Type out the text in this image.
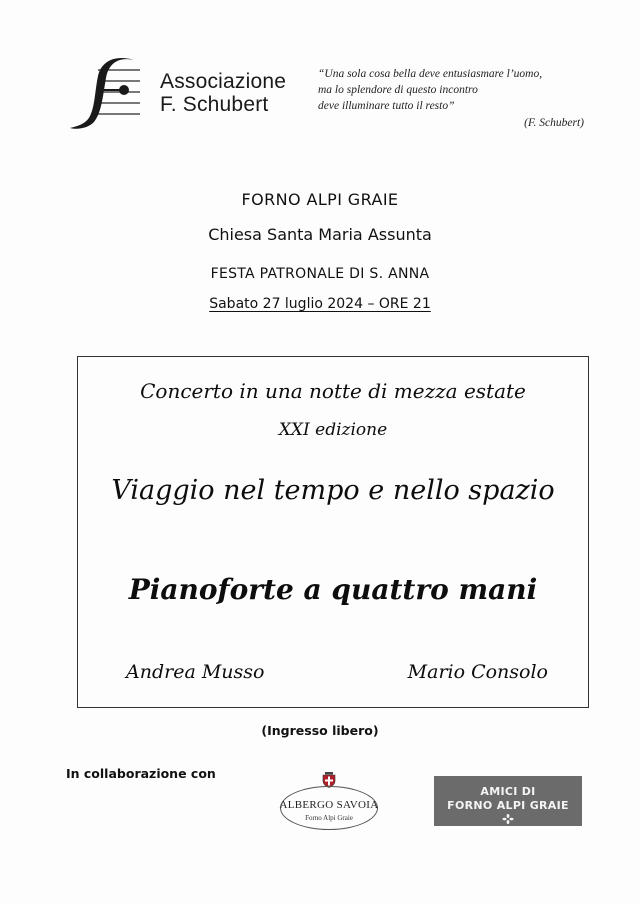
Associazione
F. Schubert
“Una sola cosa bella deve entusiasmare l’uomo,
ma lo splendore di questo incontro
deve illuminare tutto il resto”
(F. Schubert)
FORNO ALPI GRAIE
Chiesa Santa Maria Assunta
FESTA PATRONALE DI S. ANNA
Sabato 27 luglio 2024 – ORE 21
Concerto in una notte di mezza estate
XXI edizione
Viaggio nel tempo e nello spazio
Pianoforte a quattro mani
Andrea Musso	Mario Consolo
(Ingresso libero)
In collaborazione con
ALBERGO SAVOIA
Forno Alpi Graie
AMICI DI
FORNO ALPI GRAIE
